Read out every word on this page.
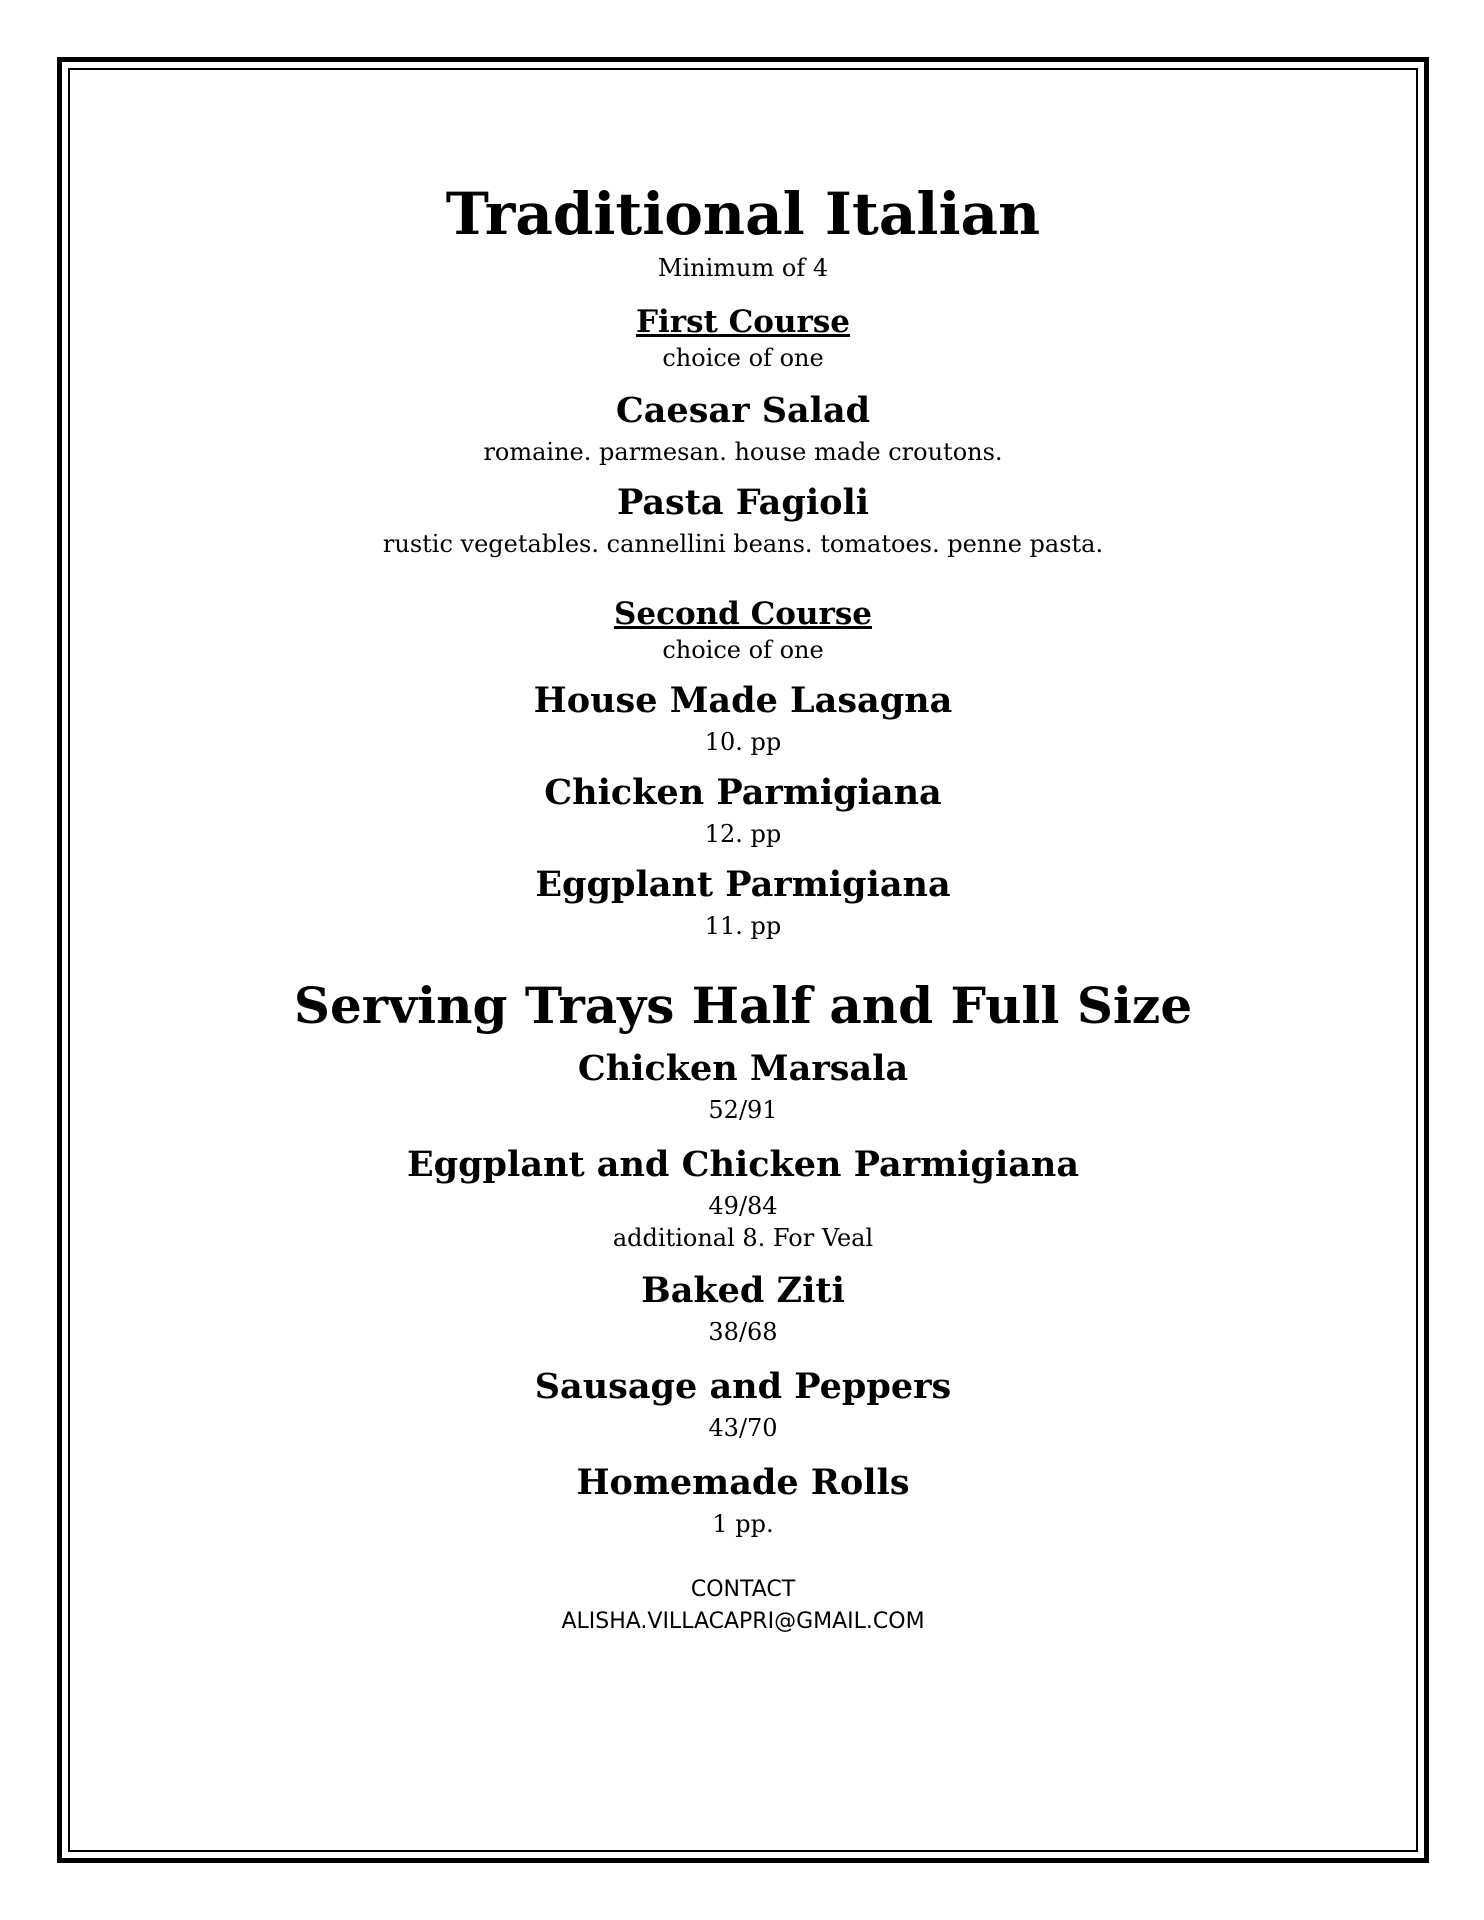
Traditional Italian

Minimum of 4

First Course

choice of one

Caesar Salad

romaine. parmesan. house made croutons.

Pasta Fagioli

rustic vegetables. cannellini beans. tomatoes. penne pasta.

Second Course

choice of one

House Made Lasagna

10. pp

Chicken Parmigiana

12. pp

Eggplant Parmigiana

11. pp

Serving Trays Half and Full Size

Chicken Marsala

52/91

Eggplant and Chicken Parmigiana

49/84

additional 8. For Veal

Baked Ziti

38/68

Sausage and Peppers

43/70

Homemade Rolls

1 pp.

CONTACT

ALISHA.VILLACAPRI@GMAIL.COM
